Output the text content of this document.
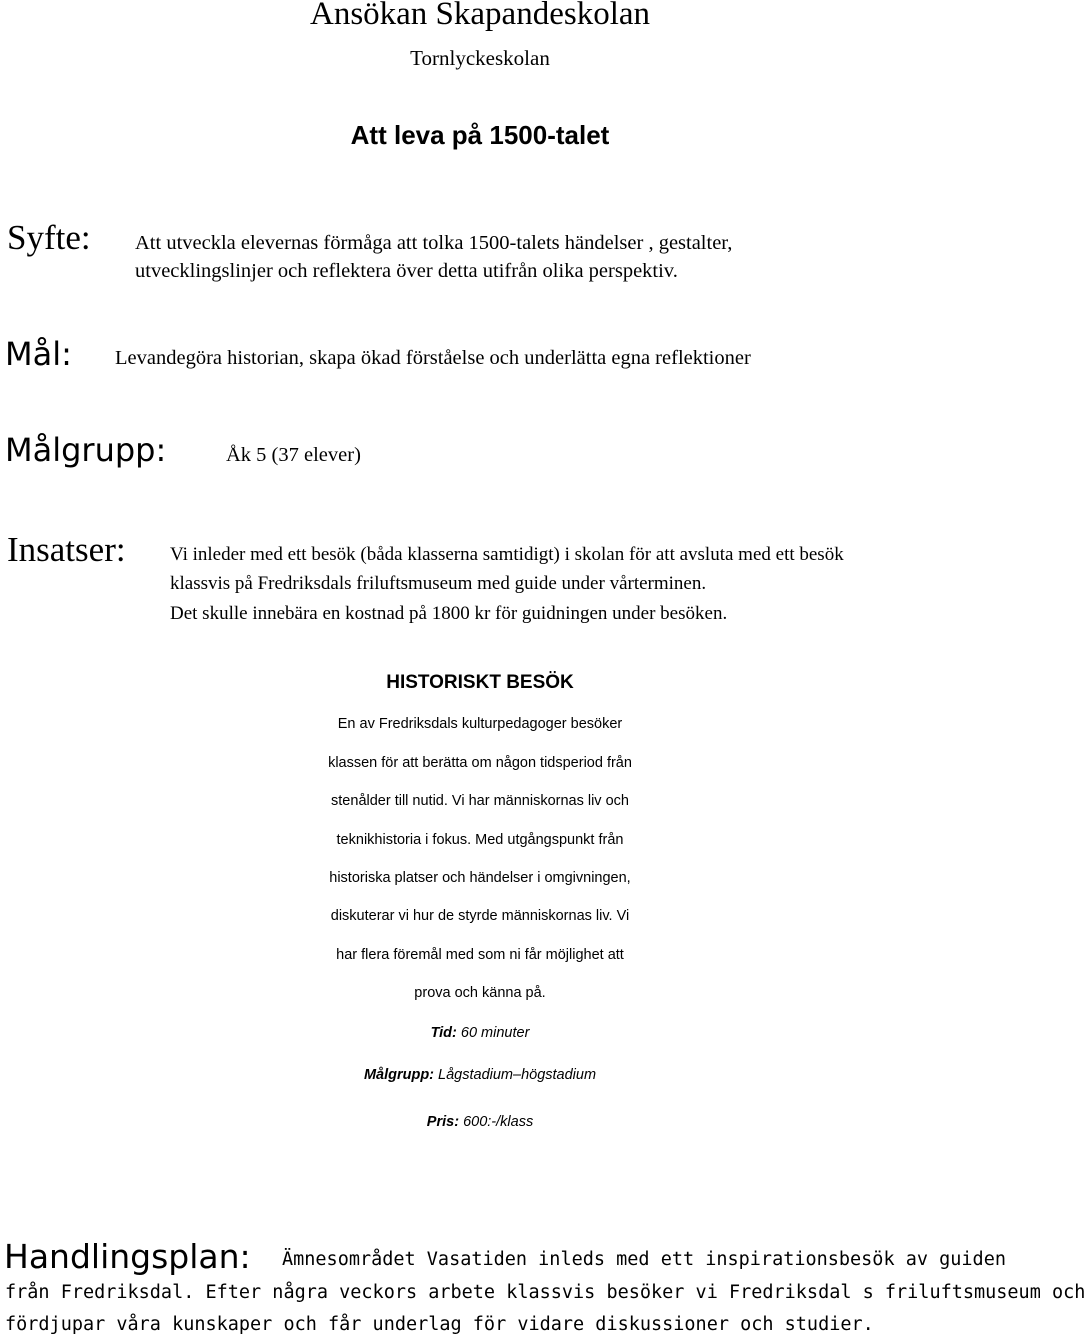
Ansökan Skapandeskolan
Tornlyckeskolan
Att leva på 1500-talet
Syfte: Att utveckla elevernas förmåga att tolka 1500-talets händelser , gestalter,
utvecklingslinjer och reflektera över detta utifrån olika perspektiv.
Mål: Levandegöra historian, skapa ökad förståelse och underlätta egna reflektioner
Målgrupp:	Åk 5 (37 elever)
Insatser: Vi inleder med ett besök (båda klasserna samtidigt) i skolan för att avsluta med ett besök
klassvis på Fredriksdals friluftsmuseum med guide under vårterminen.
Det skulle innebära en kostnad på 1800 kr för guidningen under besöken.
HISTORISKT BESÖK
En av Fredriksdals kulturpedagoger besöker
klassen för att berätta om någon tidsperiod från
stenålder till nutid. Vi har människornas liv och
teknikhistoria i fokus. Med utgångspunkt från
historiska platser och händelser i omgivningen,
diskuterar vi hur de styrde människornas liv. Vi
har flera föremål med som ni får möjlighet att
prova och känna på.
Tid: 60 minuter
Målgrupp: Lågstadium–högstadium
Pris: 600:-/klass
Handlingsplan: Ämnesområdet Vasatiden inleds med ett inspirationsbesök av guiden
från Fredriksdal. Efter några veckors arbete klassvis besöker vi Fredriksdal s friluftsmuseum och
fördjupar våra kunskaper och får underlag för vidare diskussioner och studier.
